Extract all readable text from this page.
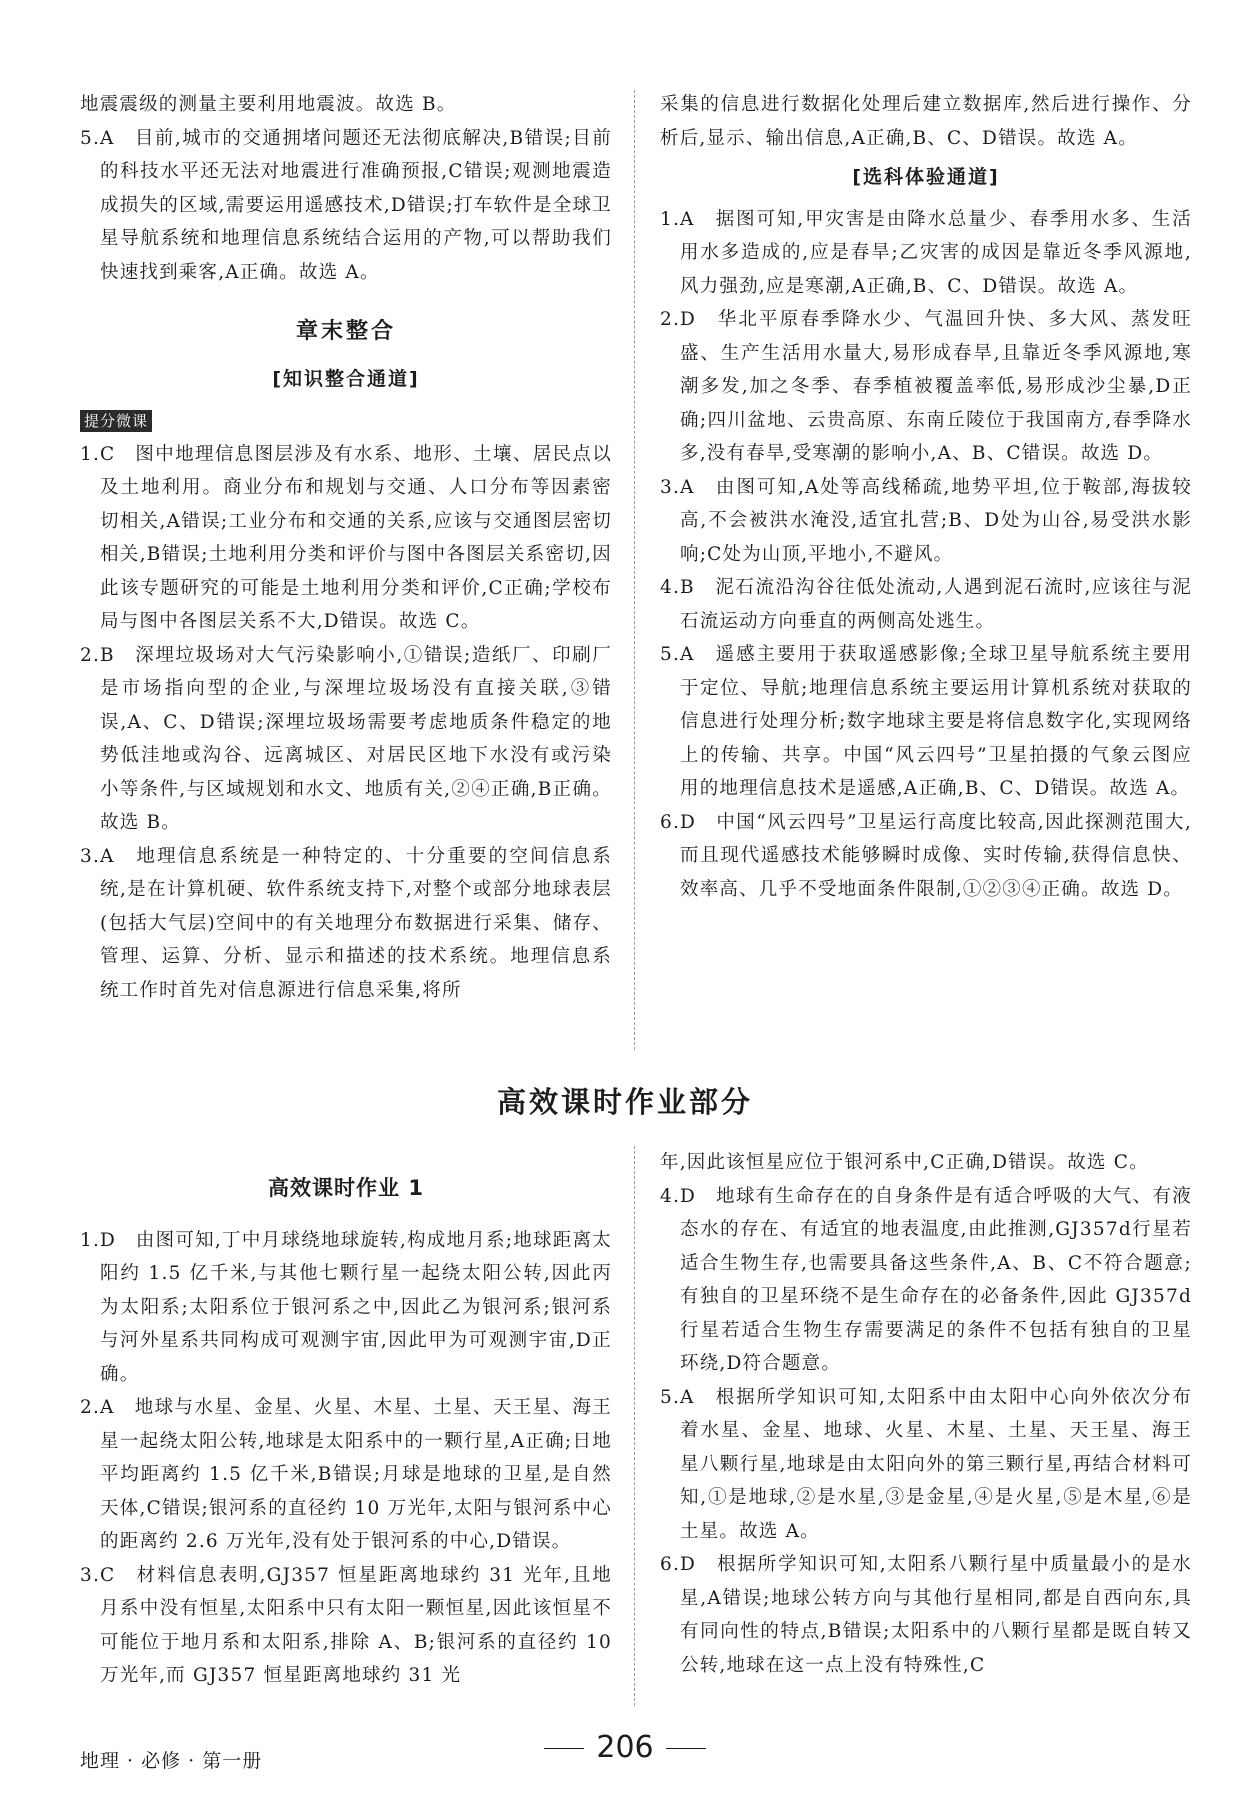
地震震级的测量主要利用地震波。故选 B。

5.A　目前,城市的交通拥堵问题还无法彻底解决,B错误;目前的科技水平还无法对地震进行准确预报,C错误;观测地震造成损失的区域,需要运用遥感技术,D错误;打车软件是全球卫星导航系统和地理信息系统结合运用的产物,可以帮助我们快速找到乘客,A正确。故选 A。

章末整合

[知识整合通道]

提分微课

1.C　图中地理信息图层涉及有水系、地形、土壤、居民点以及土地利用。商业分布和规划与交通、人口分布等因素密切相关,A错误;工业分布和交通的关系,应该与交通图层密切相关,B错误;土地利用分类和评价与图中各图层关系密切,因此该专题研究的可能是土地利用分类和评价,C正确;学校布局与图中各图层关系不大,D错误。故选 C。

2.B　深埋垃圾场对大气污染影响小,①错误;造纸厂、印刷厂是市场指向型的企业,与深埋垃圾场没有直接关联,③错误,A、C、D错误;深埋垃圾场需要考虑地质条件稳定的地势低洼地或沟谷、远离城区、对居民区地下水没有或污染小等条件,与区域规划和水文、地质有关,②④正确,B正确。故选 B。

3.A　地理信息系统是一种特定的、十分重要的空间信息系统,是在计算机硬、软件系统支持下,对整个或部分地球表层(包括大气层)空间中的有关地理分布数据进行采集、储存、管理、运算、分析、显示和描述的技术系统。地理信息系统工作时首先对信息源进行信息采集,将所

采集的信息进行数据化处理后建立数据库,然后进行操作、分析后,显示、输出信息,A正确,B、C、D错误。故选 A。

[选科体验通道]

1.A　据图可知,甲灾害是由降水总量少、春季用水多、生活用水多造成的,应是春旱;乙灾害的成因是靠近冬季风源地,风力强劲,应是寒潮,A正确,B、C、D错误。故选 A。

2.D　华北平原春季降水少、气温回升快、多大风、蒸发旺盛、生产生活用水量大,易形成春旱,且靠近冬季风源地,寒潮多发,加之冬季、春季植被覆盖率低,易形成沙尘暴,D正确;四川盆地、云贵高原、东南丘陵位于我国南方,春季降水多,没有春旱,受寒潮的影响小,A、B、C错误。故选 D。

3.A　由图可知,A处等高线稀疏,地势平坦,位于鞍部,海拔较高,不会被洪水淹没,适宜扎营;B、D处为山谷,易受洪水影响;C处为山顶,平地小,不避风。

4.B　泥石流沿沟谷往低处流动,人遇到泥石流时,应该往与泥石流运动方向垂直的两侧高处逃生。

5.A　遥感主要用于获取遥感影像;全球卫星导航系统主要用于定位、导航;地理信息系统主要运用计算机系统对获取的信息进行处理分析;数字地球主要是将信息数字化,实现网络上的传输、共享。中国“风云四号”卫星拍摄的气象云图应用的地理信息技术是遥感,A正确,B、C、D错误。故选 A。

6.D　中国“风云四号”卫星运行高度比较高,因此探测范围大,而且现代遥感技术能够瞬时成像、实时传输,获得信息快、效率高、几乎不受地面条件限制,①②③④正确。故选 D。

高效课时作业部分

高效课时作业 1

1.D　由图可知,丁中月球绕地球旋转,构成地月系;地球距离太阳约 1.5 亿千米,与其他七颗行星一起绕太阳公转,因此丙为太阳系;太阳系位于银河系之中,因此乙为银河系;银河系与河外星系共同构成可观测宇宙,因此甲为可观测宇宙,D正确。

2.A　地球与水星、金星、火星、木星、土星、天王星、海王星一起绕太阳公转,地球是太阳系中的一颗行星,A正确;日地平均距离约 1.5 亿千米,B错误;月球是地球的卫星,是自然天体,C错误;银河系的直径约 10 万光年,太阳与银河系中心的距离约 2.6 万光年,没有处于银河系的中心,D错误。

3.C　材料信息表明,GJ357 恒星距离地球约 31 光年,且地月系中没有恒星,太阳系中只有太阳一颗恒星,因此该恒星不可能位于地月系和太阳系,排除 A、B;银河系的直径约 10 万光年,而 GJ357 恒星距离地球约 31 光

年,因此该恒星应位于银河系中,C正确,D错误。故选 C。

4.D　地球有生命存在的自身条件是有适合呼吸的大气、有液态水的存在、有适宜的地表温度,由此推测,GJ357d行星若适合生物生存,也需要具备这些条件,A、B、C不符合题意;有独自的卫星环绕不是生命存在的必备条件,因此 GJ357d 行星若适合生物生存需要满足的条件不包括有独自的卫星环绕,D符合题意。

5.A　根据所学知识可知,太阳系中由太阳中心向外依次分布着水星、金星、地球、火星、木星、土星、天王星、海王星八颗行星,地球是由太阳向外的第三颗行星,再结合材料可知,①是地球,②是水星,③是金星,④是火星,⑤是木星,⑥是土星。故选 A。

6.D　根据所学知识可知,太阳系八颗行星中质量最小的是水星,A错误;地球公转方向与其他行星相同,都是自西向东,具有同向性的特点,B错误;太阳系中的八颗行星都是既自转又公转,地球在这一点上没有特殊性,C

地理 · 必修 · 第一册	206
